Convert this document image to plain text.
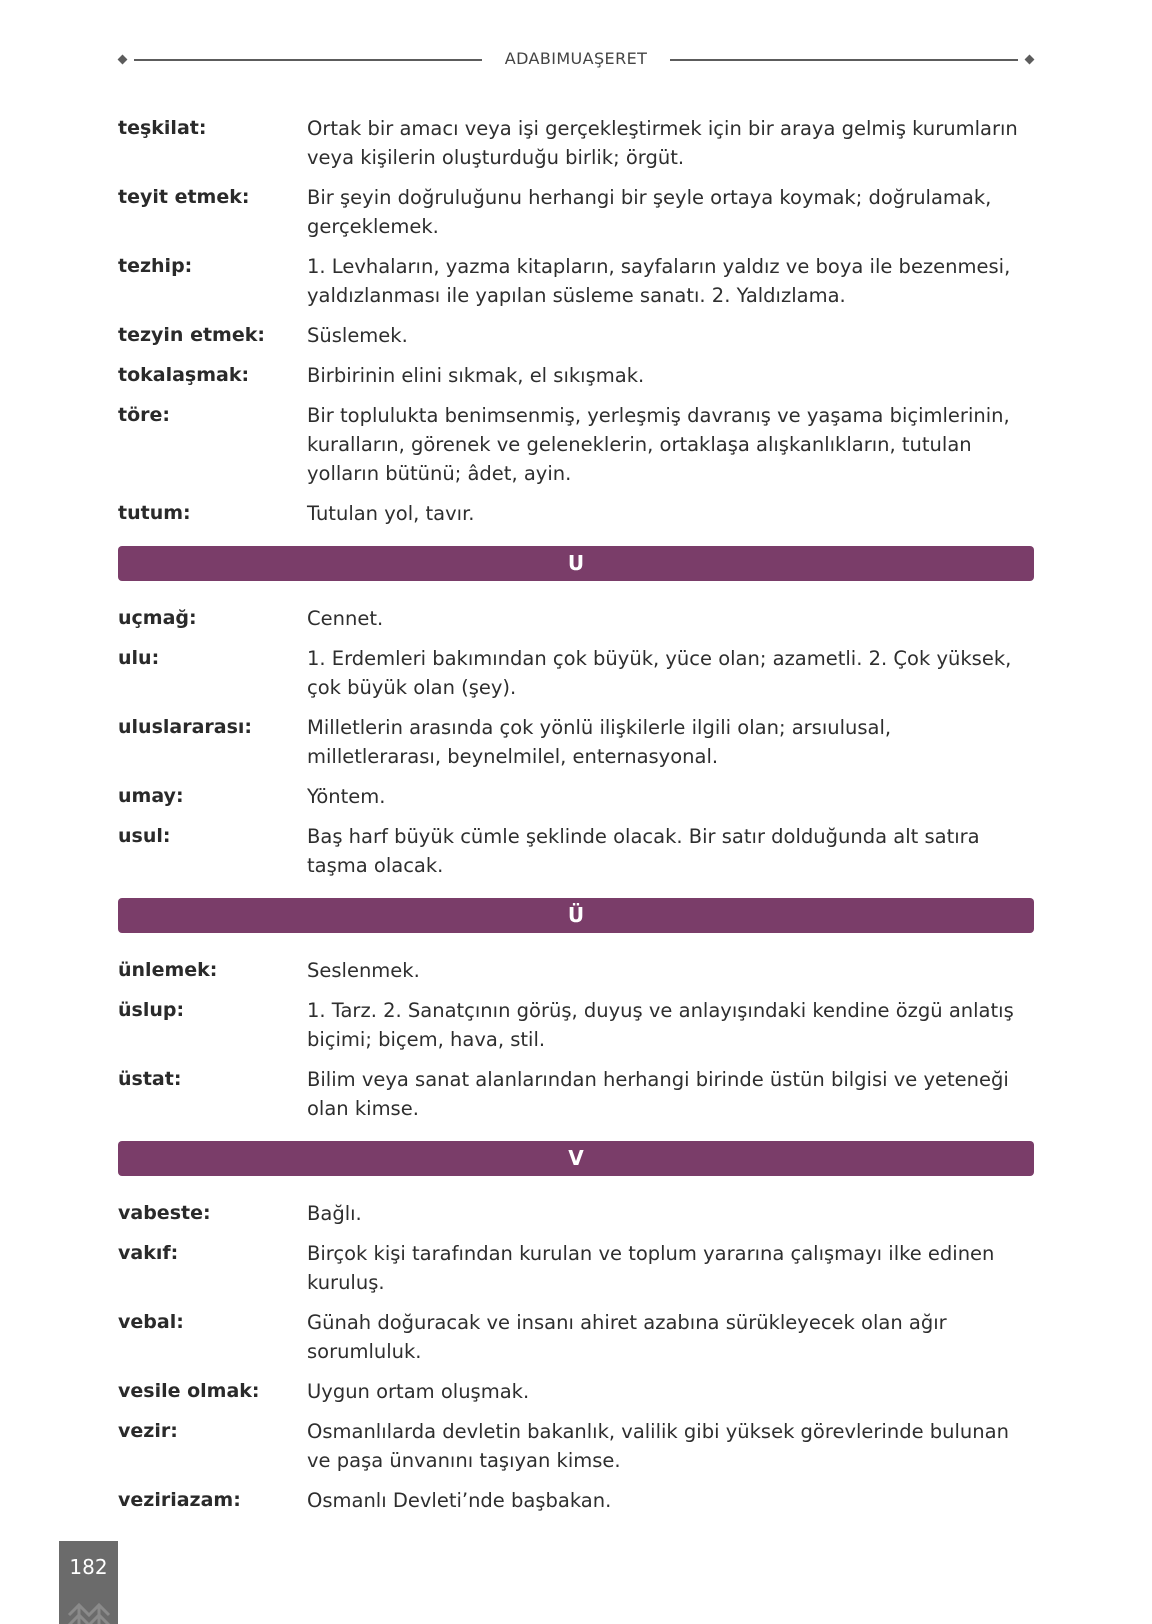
ADABIMUAŞERET
teşkilat:	Ortak bir amacı veya işi gerçekleştirmek için bir araya gelmiş kurumların veya kişilerin oluşturduğu birlik; örgüt.
teyit etmek:	Bir şeyin doğruluğunu herhangi bir şeyle ortaya koymak; doğrulamak, gerçeklemek.
tezhip:	1. Levhaların, yazma kitapların, sayfaların yaldız ve boya ile bezenmesi, yaldızlanması ile yapılan süsleme sanatı. 2. Yaldızlama.
tezyin etmek:	Süslemek.
tokalaşmak:	Birbirinin elini sıkmak, el sıkışmak.
töre:	Bir toplulukta benimsenmiş, yerleşmiş davranış ve yaşama biçimlerinin, kuralların, görenek ve geleneklerin, ortaklaşa alışkanlıkların, tutulan yolların bütünü; âdet, ayin.
tutum:	Tutulan yol, tavır.
U
uçmağ:	Cennet.
ulu:	1. Erdemleri bakımından çok büyük, yüce olan; azametli. 2. Çok yüksek, çok büyük olan (şey).
uluslararası:	Milletlerin arasında çok yönlü ilişkilerle ilgili olan; arsıulusal, milletlerarası, beynelmilel, enternasyonal.
umay:	Yöntem.
usul:	Baş harf büyük cümle şeklinde olacak. Bir satır dolduğunda alt satıra taşma olacak.
Ü
ünlemek:	Seslenmek.
üslup:	1. Tarz. 2. Sanatçının görüş, duyuş ve anlayışındaki kendine özgü anlatış biçimi; biçem, hava, stil.
üstat:	Bilim veya sanat alanlarından herhangi birinde üstün bilgisi ve yeteneği olan kimse.
V
vabeste:	Bağlı.
vakıf:	Birçok kişi tarafından kurulan ve toplum yararına çalışmayı ilke edinen kuruluş.
vebal:	Günah doğuracak ve insanı ahiret azabına sürükleyecek olan ağır sorumluluk.
vesile olmak:	Uygun ortam oluşmak.
vezir:	Osmanlılarda devletin bakanlık, valilik gibi yüksek görevlerinde bulunan ve paşa ünvanını taşıyan kimse.
veziriazam:	Osmanlı Devleti’nde başbakan.
182
